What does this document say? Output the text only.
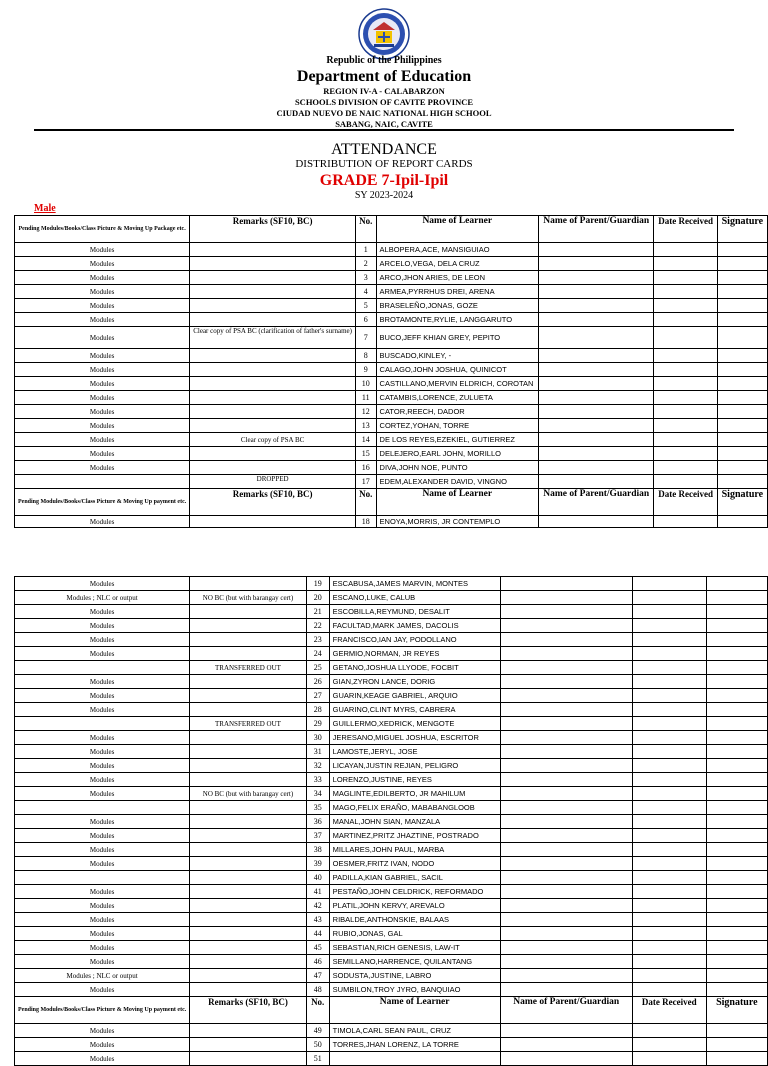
Republic of the Philippines
Department of Education
REGION IV-A - CALABARZON
SCHOOLS DIVISION OF CAVITE PROVINCE
CIUDAD NUEVO DE NAIC NATIONAL HIGH SCHOOL
SABANG, NAIC, CAVITE
ATTENDANCE
DISTRIBUTION OF REPORT CARDS
GRADE 7-Ipil-Ipil
SY 2023-2024
Male
Pending Modules/Books/Class Picture & Moving Up Package etc.	Remarks (SF10, BC)	No.	Name of Learner	Name of Parent/Guardian	Date Received	Signature
Modules		1	ALBOPERA,ACE, MANSIGUIAO			
Modules		2	ARCELO,VEGA, DELA CRUZ			
Modules		3	ARCO,JHON ARIES, DE LEON			
Modules		4	ARMEA,PYRRHUS DREI, ARENA			
Modules		5	BRASELEÑO,JONAS, GOZE			
Modules		6	BROTAMONTE,RYLIE, LANGGARUTO			
Modules	Clear copy of PSA BC (clarification of father's surname)	7	BUCO,JEFF KHIAN GREY, PEPITO			
Modules		8	BUSCADO,KINLEY, -			
Modules		9	CALAGO,JOHN JOSHUA, QUINICOT			
Modules		10	CASTILLANO,MERVIN ELDRICH, COROTAN			
Modules		11	CATAMBIS,LORENCE, ZULUETA			
Modules		12	CATOR,REECH, DADOR			
Modules		13	CORTEZ,YOHAN, TORRE			
Modules	Clear copy of PSA BC	14	DE LOS REYES,EZEKIEL, GUTIERREZ			
Modules		15	DELEJERO,EARL JOHN, MORILLO			
Modules		16	DIVA,JOHN NOE, PUNTO			
	DROPPED	17	EDEM,ALEXANDER DAVID, VINGNO			
Pending Modules/Books/Class Picture & Moving Up payment etc.	Remarks (SF10, BC)	No.	Name of Learner	Name of Parent/Guardian	Date Received	Signature
Modules		18	ENOYA,MORRIS, JR CONTEMPLO			
Modules		19	ESCABUSA,JAMES MARVIN, MONTES			
Modules ; NLC or output	NO BC (but with barangay cert)	20	ESCANO,LUKE, CALUB			
Modules		21	ESCOBILLA,REYMUND, DESALIT			
Modules		22	FACULTAD,MARK JAMES, DACOLIS			
Modules		23	FRANCISCO,IAN JAY, PODOLLANO			
Modules		24	GERMIO,NORMAN, JR REYES			
	TRANSFERRED OUT	25	GETANO,JOSHUA LLYODE, FOCBIT			
Modules		26	GIAN,ZYRON LANCE, DORIG			
Modules		27	GUARIN,KEAGE GABRIEL, ARQUIO			
Modules		28	GUARINO,CLINT MYRS, CABRERA			
	TRANSFERRED OUT	29	GUILLERMO,XEDRICK, MENGOTE			
Modules		30	JERESANO,MIGUEL JOSHUA, ESCRITOR			
Modules		31	LAMOSTE,JERYL, JOSE			
Modules		32	LICAYAN,JUSTIN REJIAN, PELIGRO			
Modules		33	LORENZO,JUSTINE, REYES			
Modules	NO BC (but with barangay cert)	34	MAGLINTE,EDILBERTO, JR MAHILUM			
		35	MAGO,FELIX ERAÑO, MABABANGLOOB			
Modules		36	MANAL,JOHN SIAN, MANZALA			
Modules		37	MARTINEZ,PRITZ JHAZTINE, POSTRADO			
Modules		38	MILLARES,JOHN PAUL, MARBA			
Modules		39	OESMER,FRITZ IVAN, NODO			
		40	PADILLA,KIAN GABRIEL, SACIL			
Modules		41	PESTAÑO,JOHN CELDRICK, REFORMADO			
Modules		42	PLATIL,JOHN KERVY, AREVALO			
Modules		43	RIBALDE,ANTHONSKIE, BALAAS			
Modules		44	RUBIO,JONAS, GAL			
Modules		45	SEBASTIAN,RICH GENESIS, LAW-IT			
Modules		46	SEMILLANO,HARRENCE, QUILANTANG			
Modules ; NLC or output		47	SODUSTA,JUSTINE, LABRO			
Modules		48	SUMBILON,TROY JYRO, BANQUIAO			
Pending Modules/Books/Class Picture & Moving Up payment etc.	Remarks (SF10, BC)	No.	Name of Learner	Name of Parent/Guardian	Date Received	Signature
Modules		49	TIMOLA,CARL SEAN PAUL, CRUZ			
Modules		50	TORRES,JHAN LORENZ, LA TORRE			
Modules		51				
